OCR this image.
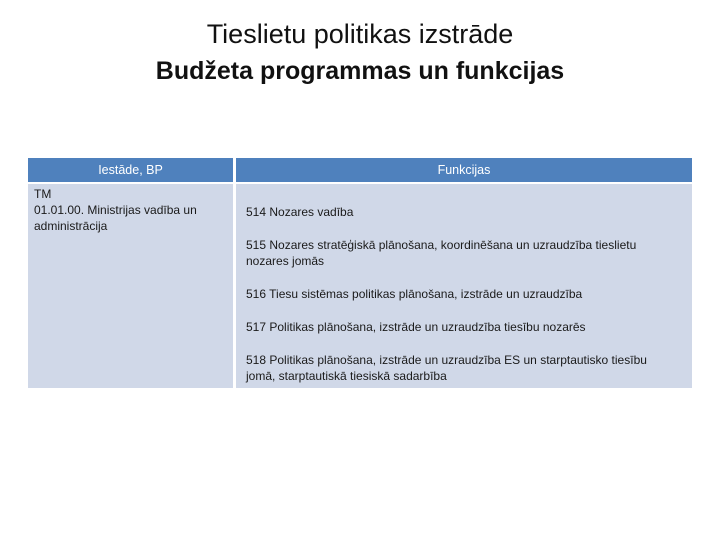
Tieslietu politikas izstrāde
Budžeta programmas un funkcijas
Iestāde, BP	Funkcijas

TM
01.01.00. Ministrijas vadība un administrācija	514 Nozares vadība
515 Nozares stratēģiskā plānošana, koordinēšana un uzraudzība tieslietu nozares jomās
516 Tiesu sistēmas politikas plānošana, izstrāde un uzraudzība
517 Politikas plānošana, izstrāde un uzraudzība tiesību nozarēs
518 Politikas plānošana, izstrāde un uzraudzība ES un starptautisko tiesību jomā, starptautiskā tiesiskā sadarbība
